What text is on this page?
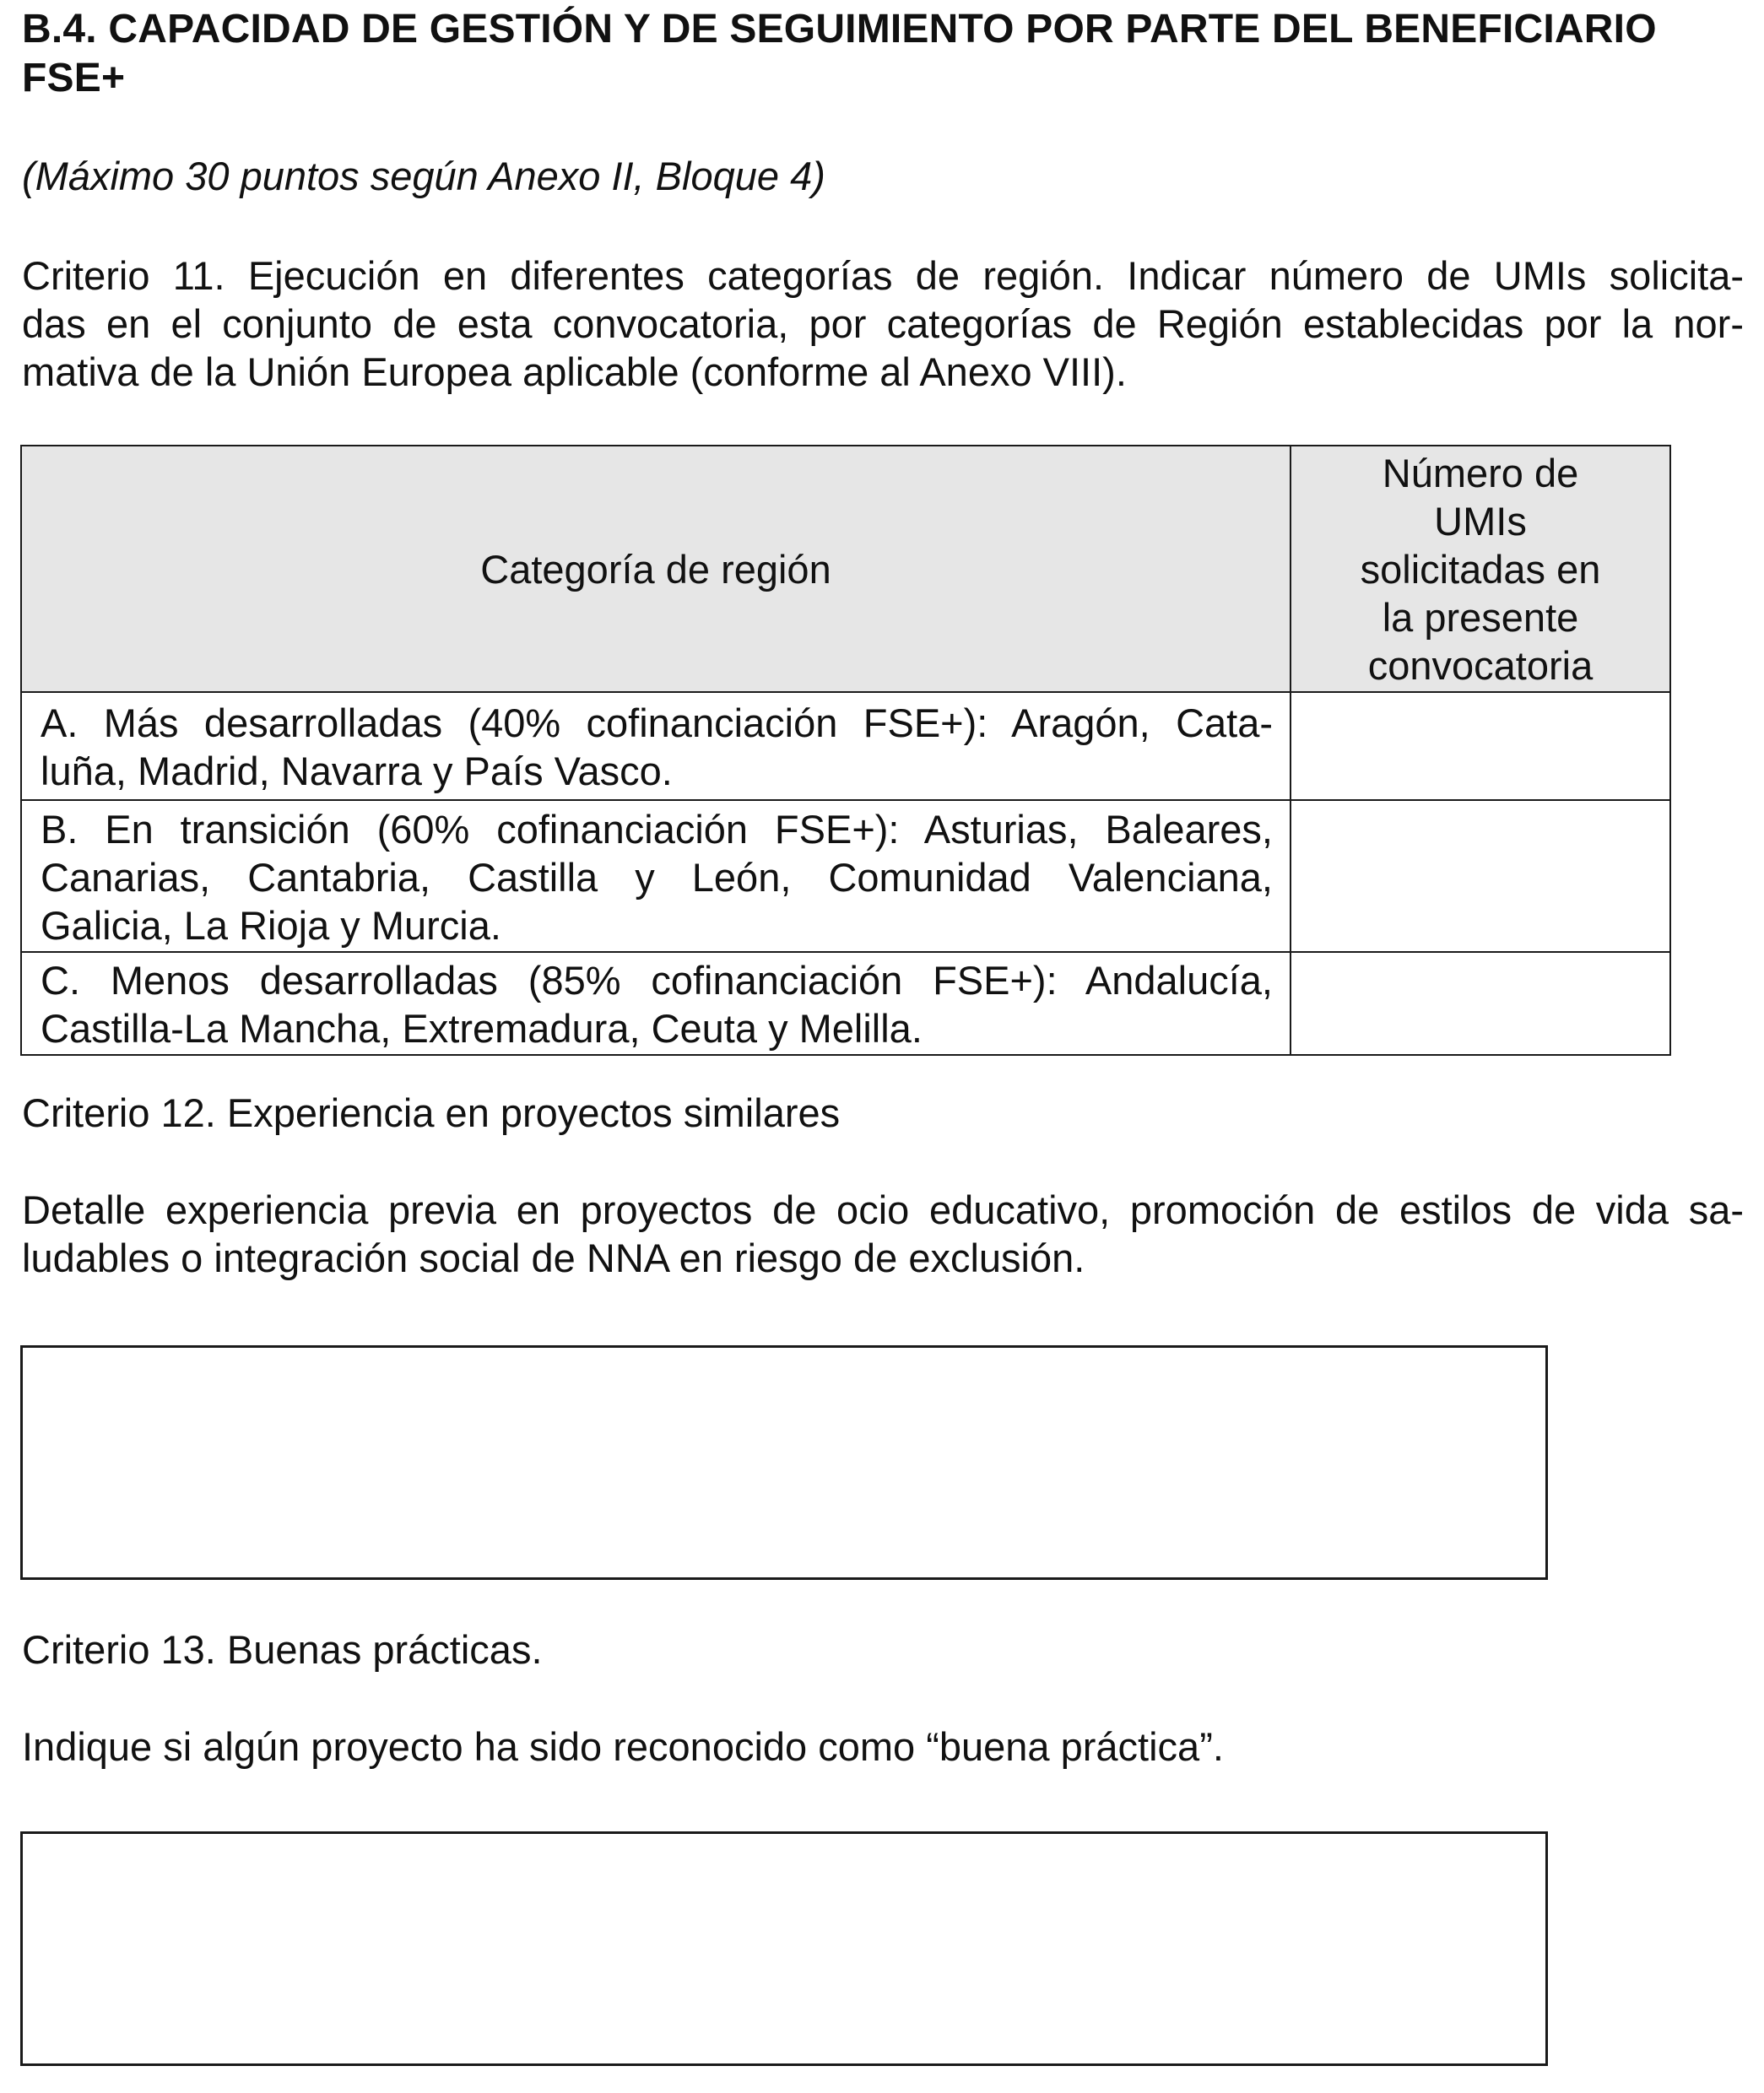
B.4. CAPACIDAD DE GESTIÓN Y DE SEGUIMIENTO POR PARTE DEL BENEFICIARIO
FSE+
(Máximo 30 puntos según Anexo II, Bloque 4)
Criterio 11. Ejecución en diferentes categorías de región. Indicar número de UMIs solicita-
das en el conjunto de esta convocatoria, por categorías de Región establecidas por la nor-
mativa de la Unión Europea aplicable (conforme al Anexo VIII).
Categoría de región	Número de
UMIs
solicitadas en
la presente
convocatoria

A. Más desarrolladas (40% cofinanciación FSE+): Aragón, Cata-
luña, Madrid, Navarra y País Vasco.	

B. En transición (60% cofinanciación FSE+): Asturias, Baleares,
Canarias, Cantabria, Castilla y León, Comunidad Valenciana,
Galicia, La Rioja y Murcia.	

C. Menos desarrolladas (85% cofinanciación FSE+): Andalucía,
Castilla-La Mancha, Extremadura, Ceuta y Melilla.	

Criterio 12. Experiencia en proyectos similares
Detalle experiencia previa en proyectos de ocio educativo, promoción de estilos de vida sa-
ludables o integración social de NNA en riesgo de exclusión.
Criterio 13. Buenas prácticas.
Indique si algún proyecto ha sido reconocido como “buena práctica”.
